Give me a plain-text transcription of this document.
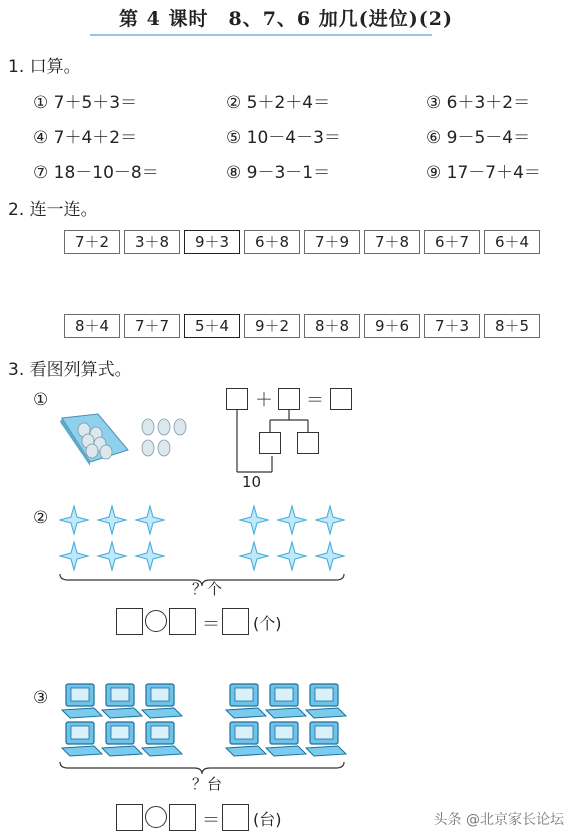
第 4 课时　8、7、6 加几(进位)(2)
1. 口算。
① 7＋5＋3＝	② 5＋2＋4＝	③ 6＋3＋2＝
④ 7＋4＋2＝	⑤ 10－4－3＝	⑥ 9－5－4＝
⑦ 18－10－8＝	⑧ 9－3－1＝	⑨ 17－7＋4＝
2. 连一连。
7＋2	3＋8	9＋3	6＋8	7＋9	7＋8	6＋7	6＋4
8＋4	7＋7	5＋4	9＋2	8＋8	9＋6	7＋3	8＋5
3. 看图列算式。
①	＋ ＝
10
②
？个
＝ (个)
③
？台
＝ (台)	头条 @北京家长论坛
